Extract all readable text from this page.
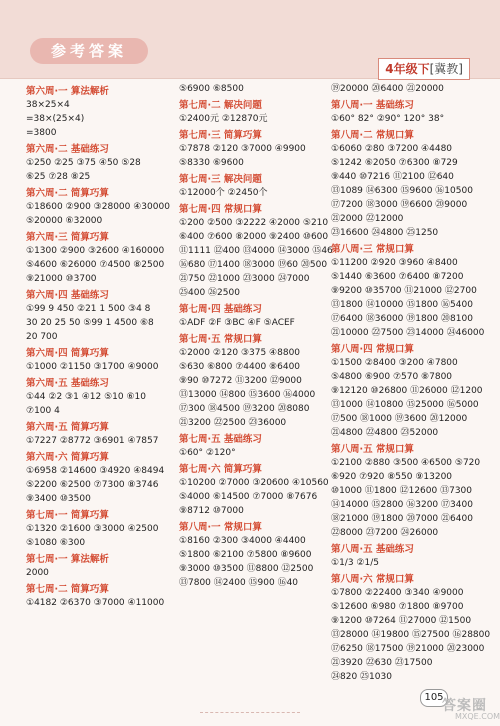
参考答案
4年级下[冀教]
第六周·一 算法解析
38×25×4
=38×(25×4)
=3800
第六周·二 基础练习
①250 ②25 ③75 ④50 ⑤28
⑥25 ⑦28 ⑧25
第六周·二 简算巧算
①18600 ②900 ③28000 ④30000
⑤20000 ⑥32000
第六周·三 简算巧算
①1300 ②900 ③2600 ④160000
⑤4600 ⑥26000 ⑦4500 ⑧2500
⑨21000 ⑩3700
第六周·四 基础练习
①99 9 450 ②21 1 500 ③4 8
30 20 25 50 ⑤99 1 4500 ⑥8
20 700
第六周·四 简算巧算
①1000 ②1150 ③1700 ④9000
第六周·五 基础练习
①44 ②2 ③1 ④12 ⑤10 ⑥10
⑦100 4
第六周·五 简算巧算
①7227 ②8772 ③6901 ④7857
第六周·六 简算巧算
①6958 ②14600 ③4920 ④8494
⑤2200 ⑥2500 ⑦7300 ⑧3746
⑨3400 ⑩3500
第七周·一 简算巧算
①1320 ②1600 ③3000 ④2500
⑤1080 ⑥300
第七周·一 算法解析
2000
第七周·二 简算巧算
①4182 ②6370 ③7000 ④11000
⑤6900 ⑥8500
第七周·二 解决问题
①2400元 ②12870元
第七周·三 简算巧算
①7878 ②120 ③7000 ④9900
⑤8330 ⑥9600
第七周·三 解决问题
①12000个 ②2450个
第七周·四 常规口算
①200 ②500 ③2222 ④2000 ⑤210
⑥400 ⑦600 ⑧2000 ⑨2400 ⑩600
⑪1111 ⑫400 ⑬4000 ⑭3000 ⑮46
⑯680 ⑰1400 ⑱3000 ⑲60 ⑳500
㉑750 ㉒1000 ㉓3000 ㉔7000
㉕400 ㉖2500
第七周·四 基础练习
①ADF ②F ③BC ④F ⑤ACEF
第七周·五 常规口算
①2000 ②120 ③375 ④8800
⑤630 ⑥800 ⑦4400 ⑧6400
⑨90 ⑩7272 ⑪3200 ⑫9000
⑬13000 ⑭800 ⑮3600 ⑯4000
⑰300 ⑱4500 ⑲3200 ⑳8080
㉑3200 ㉒2500 ㉓36000
第七周·五 基础练习
①60° ②120°
第七周·六 简算巧算
①10200 ②7000 ③20600 ④10560
⑤4000 ⑥14500 ⑦7000 ⑧7676
⑨8712 ⑩7000
第八周·一 常规口算
①8160 ②300 ③4000 ④4400
⑤1800 ⑥2100 ⑦5800 ⑧9600
⑨3000 ⑩3500 ⑪8800 ⑫2500
⑬7800 ⑭2400 ⑮900 ⑯40
⑲20000 ⑳6400 ㉑20000
第八周·一 基础练习
①60° 82° ②90° 120° 38°
第八周·二 常规口算
①6060 ②80 ③7200 ④4480
⑤1242 ⑥2050 ⑦6300 ⑧729
⑨440 ⑩7216 ⑪2100 ⑫640
⑬1089 ⑭6300 ⑮9600 ⑯10500
⑰7200 ⑱3000 ⑲6600 ⑳9000
㉑2000 ㉒12000
㉓16600 ㉔4800 ㉕1250
第八周·三 常规口算
①11200 ②920 ③960 ④8400
⑤1440 ⑥3600 ⑦6400 ⑧7200
⑨9200 ⑩35700 ⑪21000 ⑫2700
⑬1800 ⑭10000 ⑮1800 ⑯5400
⑰6400 ⑱36000 ⑲1800 ⑳8100
㉑10000 ㉒7500 ㉓14000 ㉔46000
第八周·四 常规口算
①1500 ②8400 ③200 ④7800
⑤4800 ⑥900 ⑦570 ⑧7800
⑨12120 ⑩26800 ⑪26000 ⑫1200
⑬1000 ⑭10800 ⑮25000 ⑯5000
⑰500 ⑱1000 ⑲3600 ⑳12000
㉑4800 ㉒4800 ㉓52000
第八周·五 常规口算
①2100 ②880 ③500 ④6500 ⑤720
⑥920 ⑦920 ⑧550 ⑨13200
⑩1000 ⑪1800 ⑫12600 ⑬7300
⑭14000 ⑮2800 ⑯3200 ⑰3400
⑱21000 ⑲1800 ⑳7000 ㉑6400
㉒8000 ㉓7200 ㉔26000
第八周·五 基础练习
①1/3 ②1/5
第八周·六 常规口算
①7800 ②22400 ③340 ④9000
⑤12600 ⑥980 ⑦1800 ⑧9700
⑨1200 ⑩7264 ⑪27000 ⑫1500
⑬28000 ⑭19800 ⑮27500 ⑯28800
⑰6250 ⑱17500 ⑲21000 ⑳23000
㉑3920 ㉒630 ㉓17500
㉔820 ㉕1030
105
答案圈
MXQE.COM
